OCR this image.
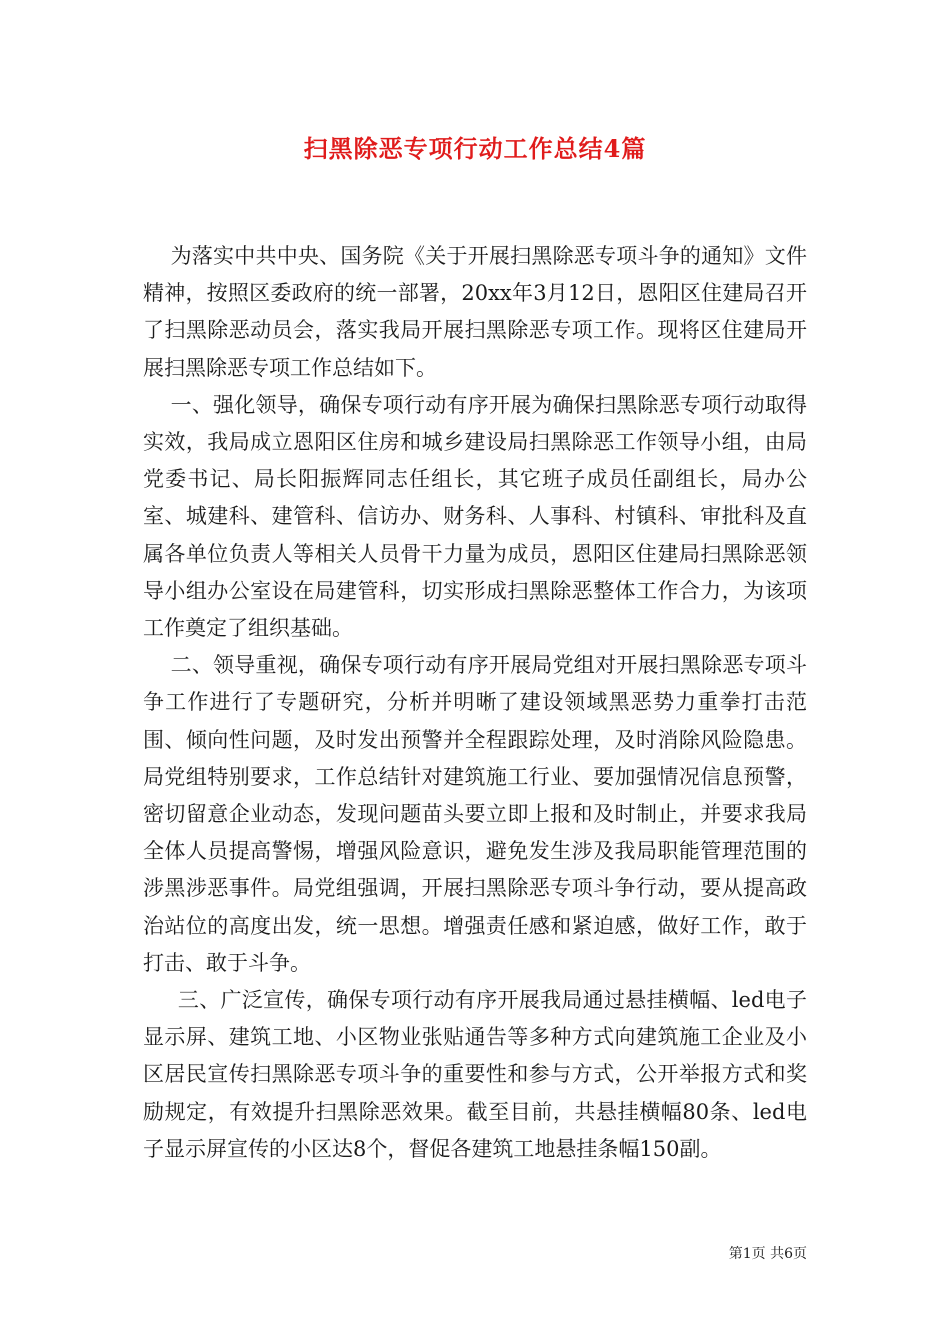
扫黑除恶专项行动工作总结4篇

为落实中共中央、国务院《关于开展扫黑除恶专项斗争的通知》文件精神，按照区委政府的统一部署，20xx年3月12日，恩阳区住建局召开了扫黑除恶动员会，落实我局开展扫黑除恶专项工作。现将区住建局开展扫黑除恶专项工作总结如下。

一、强化领导，确保专项行动有序开展为确保扫黑除恶专项行动取得实效，我局成立恩阳区住房和城乡建设局扫黑除恶工作领导小组，由局党委书记、局长阳振辉同志任组长，其它班子成员任副组长，局办公室、城建科、建管科、信访办、财务科、人事科、村镇科、审批科及直属各单位负责人等相关人员骨干力量为成员，恩阳区住建局扫黑除恶领导小组办公室设在局建管科，切实形成扫黑除恶整体工作合力，为该项工作奠定了组织基础。

二、领导重视，确保专项行动有序开展局党组对开展扫黑除恶专项斗争工作进行了专题研究，分析并明晰了建设领域黑恶势力重拳打击范围、倾向性问题，及时发出预警并全程跟踪处理，及时消除风险隐患。局党组特别要求，工作总结针对建筑施工行业、要加强情况信息预警，密切留意企业动态，发现问题苗头要立即上报和及时制止，并要求我局全体人员提高警惕，增强风险意识，避免发生涉及我局职能管理范围的涉黑涉恶事件。局党组强调，开展扫黑除恶专项斗争行动，要从提高政治站位的高度出发，统一思想。增强责任感和紧迫感，做好工作，敢于打击、敢于斗争。

三、广泛宣传，确保专项行动有序开展我局通过悬挂横幅、led电子显示屏、建筑工地、小区物业张贴通告等多种方式向建筑施工企业及小区居民宣传扫黑除恶专项斗争的重要性和参与方式，公开举报方式和奖励规定，有效提升扫黑除恶效果。截至目前，共悬挂横幅80条、led电子显示屏宣传的小区达8个，督促各建筑工地悬挂条幅150副。

第1页 共6页
